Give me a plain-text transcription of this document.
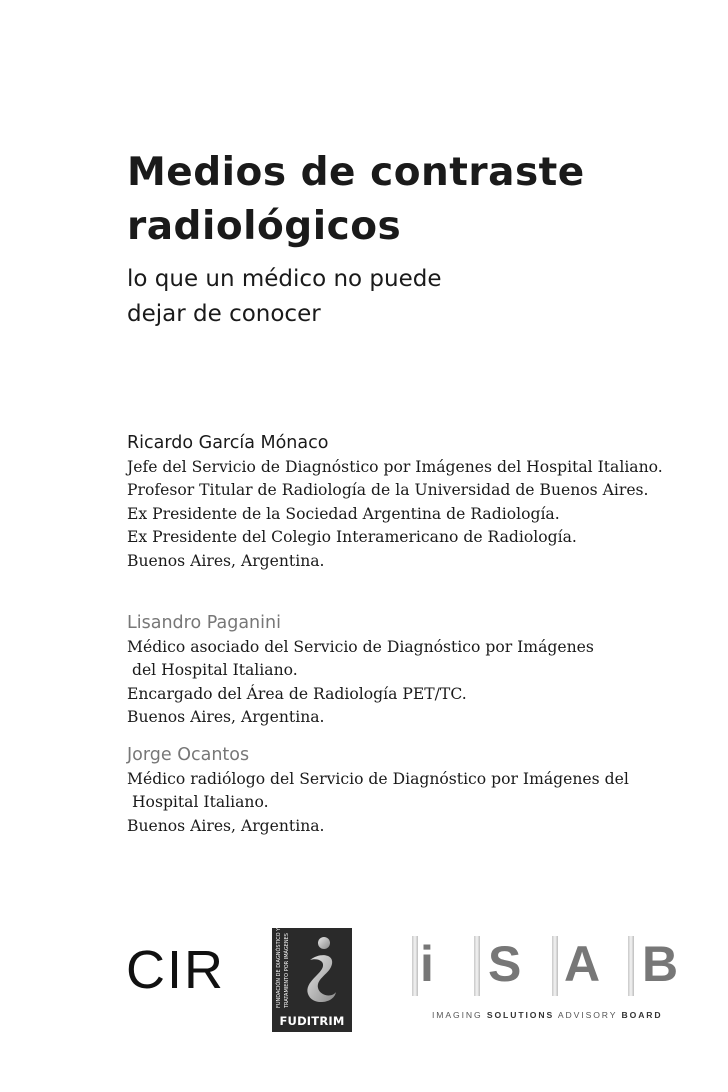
Medios de contraste
radiológicos
lo que un médico no puede
dejar de conocer
Ricardo García Mónaco
Jefe del Servicio de Diagnóstico por Imágenes del Hospital Italiano.
Profesor Titular de Radiología de la Universidad de Buenos Aires.
Ex Presidente de la Sociedad Argentina de Radiología.
Ex Presidente del Colegio Interamericano de Radiología.
Buenos Aires, Argentina.
Lisandro Paganini
Médico asociado del Servicio de Diagnóstico por Imágenes
del Hospital Italiano.
Encargado del Área de Radiología PET/TC.
Buenos Aires, Argentina.
Jorge Ocantos
Médico radiólogo del Servicio de Diagnóstico por Imágenes del
Hospital Italiano.
Buenos Aires, Argentina.
CIR	FUNDACIÓN DE DIAGNÓSTICO Y TRATAMIENTO POR IMÁGENES
FUDITRIM
i S A B
IMAGING SOLUTIONS ADVISORY BOARD
